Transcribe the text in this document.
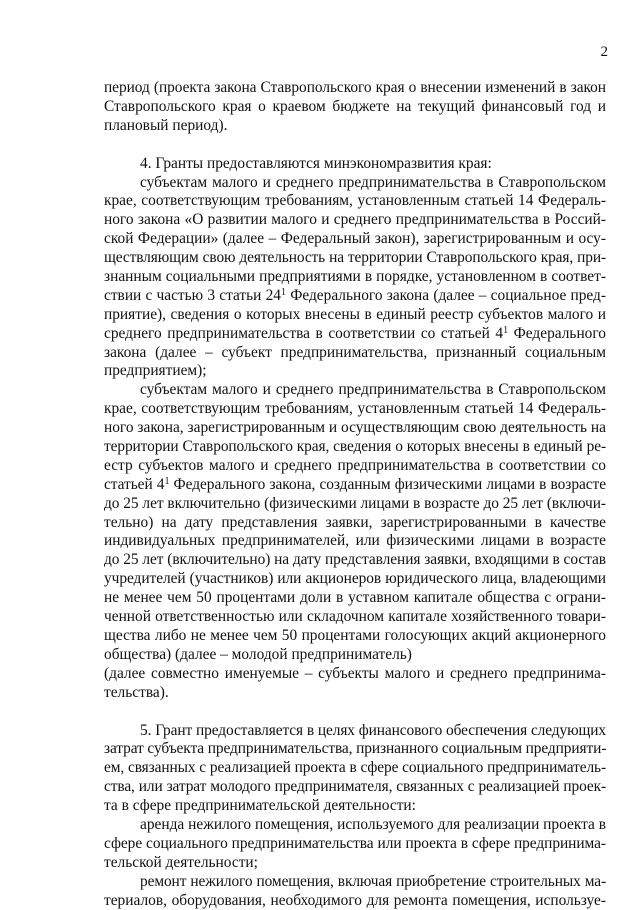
2
период (проекта закона Ставропольского края о внесении изменений в закон
Ставропольского края о краевом бюджете на текущий финансовый год и
плановый период).
4. Гранты предоставляются минэкономразвития края:
субъектам малого и среднего предпринимательства в Ставропольском
крае, соответствующим требованиям, установленным статьей 14 Федераль-
ного закона «О развитии малого и среднего предпринимательства в Россий-
ской Федерации» (далее – Федеральный закон), зарегистрированным и осу-
ществляющим свою деятельность на территории Ставропольского края, при-
знанным социальными предприятиями в порядке, установленном в соответ-
ствии с частью 3 статьи $24^1$ Федерального закона (далее – социальное пред-
приятие), сведения о которых внесены в единый реестр субъектов малого и
среднего предпринимательства в соответствии со статьей $4^1$ Федерального
закона (далее – субъект предпринимательства, признанный социальным
предприятием);
субъектам малого и среднего предпринимательства в Ставропольском
крае, соответствующим требованиям, установленным статьей 14 Федераль-
ного закона, зарегистрированным и осуществляющим свою деятельность на
территории Ставропольского края, сведения о которых внесены в единый ре-
естр субъектов малого и среднего предпринимательства в соответствии со
статьей $4^1$ Федерального закона, созданным физическими лицами в возрасте
до 25 лет включительно (физическими лицами в возрасте до 25 лет (включи-
тельно) на дату представления заявки, зарегистрированными в качестве
индивидуальных предпринимателей, или физическими лицами в возрасте
до 25 лет (включительно) на дату представления заявки, входящими в состав
учредителей (участников) или акционеров юридического лица, владеющими
не менее чем 50 процентами доли в уставном капитале общества с ограни-
ченной ответственностью или складочном капитале хозяйственного товари-
щества либо не менее чем 50 процентами голосующих акций акционерного
общества) (далее – молодой предприниматель)
(далее совместно именуемые – субъекты малого и среднего предпринима-
тельства).
5. Грант предоставляется в целях финансового обеспечения следующих
затрат субъекта предпринимательства, признанного социальным предприяти-
ем, связанных с реализацией проекта в сфере социального предприниматель-
ства, или затрат молодого предпринимателя, связанных с реализацией проек-
та в сфере предпринимательской деятельности:
аренда нежилого помещения, используемого для реализации проекта в
сфере социального предпринимательства или проекта в сфере предпринима-
тельской деятельности;
ремонт нежилого помещения, включая приобретение строительных ма-
териалов, оборудования, необходимого для ремонта помещения, используе-
